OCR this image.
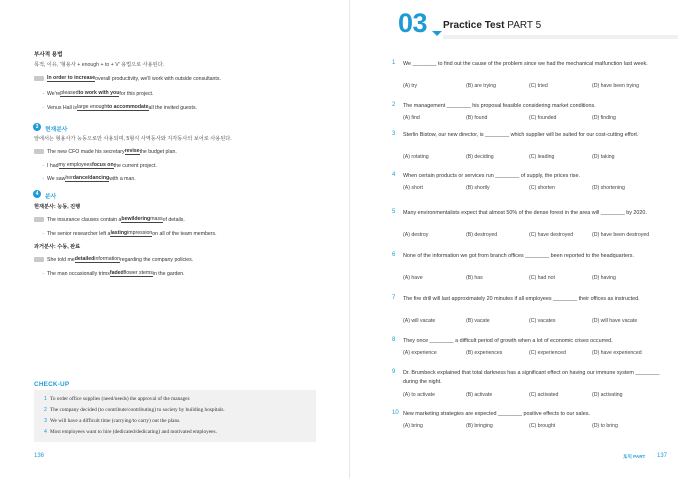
부사적 용법
목적, 이유, '형용사 + enough + to + V' 용법으로 사용된다.
In order to increase overall productivity, we'll work with outside consultants.
· We're pleased to work with you for this project.
· Venus Hall is large enough to accommodate all the invited guests.
3	현재분사
앞에서는 형용사가 능동으로만 사용되며, 5형식 사역동사와 지각동사의 보어로 사용된다.
The new CFO made his secretary revise the budget plan.
· I had my employees focus on the current project.
· We saw her dance/dancing with a man.
4	분사
현재분사: 능동, 진행
The insurance clauses contain a bewildering mass of details.
· The senior researcher left a lasting impression on all of the team members.
과거분사: 수동, 완료
She told me detailed information regarding the company policies.
· The man occasionally trims faded flower stems in the garden.
CHECK-UP
1 To order office supplies (need/needs) the approval of the manager.
2 The company decided (to contribute/contributing) to society by building hospitals.
3 We will have a difficult time (carrying/to carry) out the plans.
4 Most employees want to hire (dedicated/dedicating) and motivated employees.
136
03 Practice Test PART 5
1 We ________ to find out the cause of the problem since we had the mechanical malfunction last week.
(A) try	(B) are trying	(C) tried	(D) have been trying
2 The management ________ his proposal feasible considering market conditions.
(A) find	(B) found	(C) founded	(D) finding
3 Sterlin Bistow, our new director, is ________ which supplier will be suited for our cost-cutting effort.
(A) rotating	(B) deciding	(C) leading	(D) taking
4 When certain products or services run ________ of supply, the prices rise.
(A) short	(B) shortly	(C) shorten	(D) shortening
5 Many environmentalists expect that almost 50% of the dense forest in the area will ________ by 2020.
(A) destroy	(B) destroyed	(C) have destroyed	(D) have been destroyed
6 None of the information we got from branch offices ________ been reported to the headquarters.
(A) have	(B) has	(C) had not	(D) having
7 The fire drill will last approximately 20 minutes if all employees ________ their offices as instructed.
(A) will vacate	(B) vacate	(C) vacates	(D) will have vacate
8 They once ________ a difficult period of growth when a lot of economic crises occurred.
(A) experience	(B) experiences	(C) experienced	(D) have experienced
9 Dr. Brumbeck explained that total darkness has a significant effect on having our immune system ________ during the night.
(A) to activate	(B) activate	(C) activated	(D) activating
10 New marketing strategies are expected ________ positive effects to our sales.
(A) bring	(B) bringing	(C) brought	(D) to bring
토익 PART 137
